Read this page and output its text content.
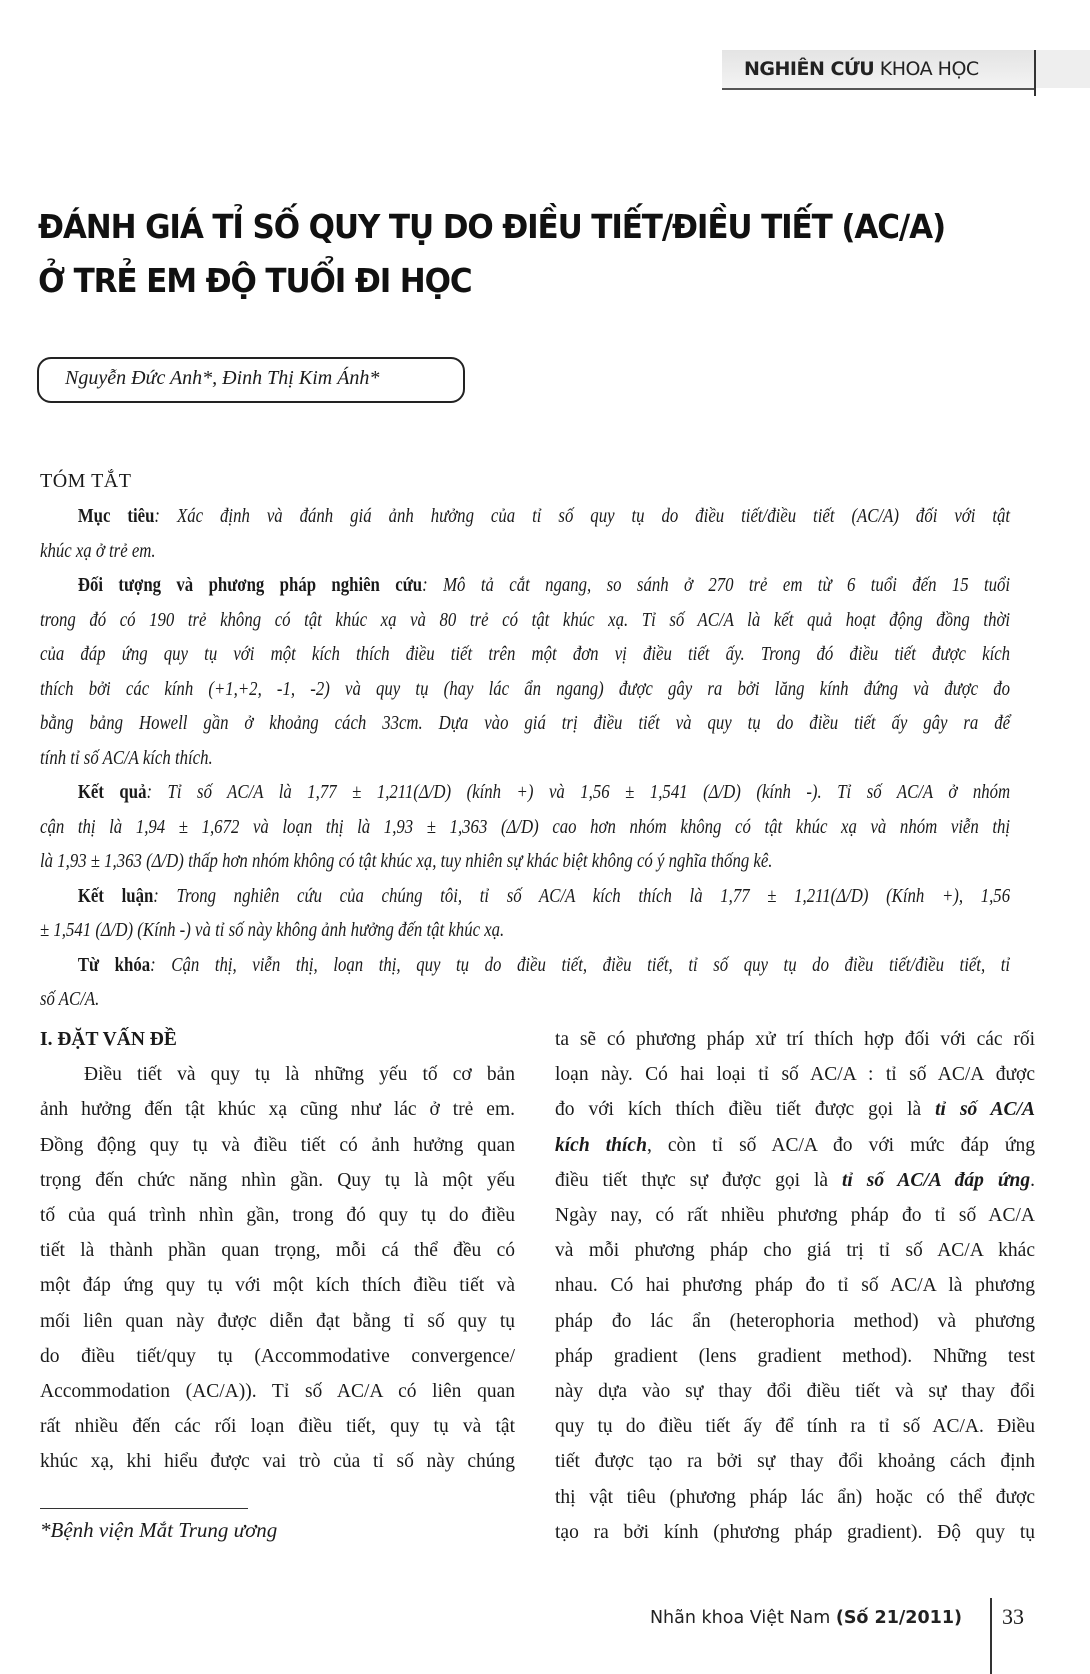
NGHIÊN CỨU KHOA HỌC
ĐÁNH GIÁ TỈ SỐ QUY TỤ DO ĐIỀU TIẾT/ĐIỀU TIẾT (AC/A)
Ở TRẺ EM ĐỘ TUỔI ĐI HỌC
Nguyễn Đức Anh*, Đinh Thị Kim Ánh*
TÓM TẮT
Mục tiêu: Xác định và đánh giá ảnh hưởng của tỉ số quy tụ do điều tiết/điều tiết (AC/A) đối với tật
khúc xạ ở trẻ em.
Đối tượng và phương pháp nghiên cứu: Mô tả cắt ngang, so sánh ở 270 trẻ em từ 6 tuổi đến 15 tuổi
trong đó có 190 trẻ không có tật khúc xạ và 80 trẻ có tật khúc xạ. Tỉ số AC/A là kết quả hoạt động đồng thời
của đáp ứng quy tụ với một kích thích điều tiết trên một đơn vị điều tiết ấy. Trong đó điều tiết được kích
thích bởi các kính (+1,+2, -1, -2) và quy tụ (hay lác ẩn ngang) được gây ra bởi lăng kính đứng và được đo
bằng bảng Howell gần ở khoảng cách 33cm. Dựa vào giá trị điều tiết và quy tụ do điều tiết ấy gây ra để
tính tỉ số AC/A kích thích.
Kết quả: Tỉ số AC/A là 1,77 ± 1,211(Δ/D) (kính +) và 1,56 ± 1,541 (Δ/D) (kính -). Tỉ số AC/A ở nhóm
cận thị là 1,94 ± 1,672 và loạn thị là 1,93 ± 1,363 (Δ/D) cao hơn nhóm không có tật khúc xạ và nhóm viễn thị
là 1,93 ± 1,363 (Δ/D) thấp hơn nhóm không có tật khúc xạ, tuy nhiên sự khác biệt không có ý nghĩa thống kê.
Kết luận: Trong nghiên cứu của chúng tôi, tỉ số AC/A kích thích là 1,77 ± 1,211(Δ/D) (Kính +), 1,56
± 1,541 (Δ/D) (Kính -) và tỉ số này không ảnh hưởng đến tật khúc xạ.
Từ khóa: Cận thị, viễn thị, loạn thị, quy tụ do điều tiết, điều tiết, tỉ số quy tụ do điều tiết/điều tiết, tỉ
số AC/A.
I. ĐẶT VẤN ĐỀ
Điều tiết và quy tụ là những yếu tố cơ bản
ảnh hưởng đến tật khúc xạ cũng như lác ở trẻ em.
Đồng động quy tụ và điều tiết có ảnh hưởng quan
trọng đến chức năng nhìn gần. Quy tụ là một yếu
tố của quá trình nhìn gần, trong đó quy tụ do điều
tiết là thành phần quan trọng, mỗi cá thể đều có
một đáp ứng quy tụ với một kích thích điều tiết và
mối liên quan này được diễn đạt bằng tỉ số quy tụ
do điều tiết/quy tụ (Accommodative convergence/
Accommodation (AC/A)). Tỉ số AC/A có liên quan
rất nhiều đến các rối loạn điều tiết, quy tụ và tật
khúc xạ, khi hiểu được vai trò của tỉ số này chúng
ta sẽ có phương pháp xử trí thích hợp đối với các rối
loạn này. Có hai loại tỉ số AC/A : tỉ số AC/A được
đo với kích thích điều tiết được gọi là tỉ số AC/A
kích thích, còn tỉ số AC/A đo với mức đáp ứng
điều tiết thực sự được gọi là tỉ số AC/A đáp ứng.
Ngày nay, có rất nhiều phương pháp đo tỉ số AC/A
và mỗi phương pháp cho giá trị tỉ số AC/A khác
nhau. Có hai phương pháp đo tỉ số AC/A là phương
pháp đo lác ẩn (heterophoria method) và phương
pháp gradient (lens gradient method). Những test
này dựa vào sự thay đổi điều tiết và sự thay đổi
quy tụ do điều tiết ấy để tính ra tỉ số AC/A. Điều
tiết được tạo ra bởi sự thay đổi khoảng cách định
thị vật tiêu (phương pháp lác ẩn) hoặc có thể được
tạo ra bởi kính (phương pháp gradient). Độ quy tụ
*Bệnh viện Mắt Trung ương
Nhãn khoa Việt Nam (Số 21/2011) 33
